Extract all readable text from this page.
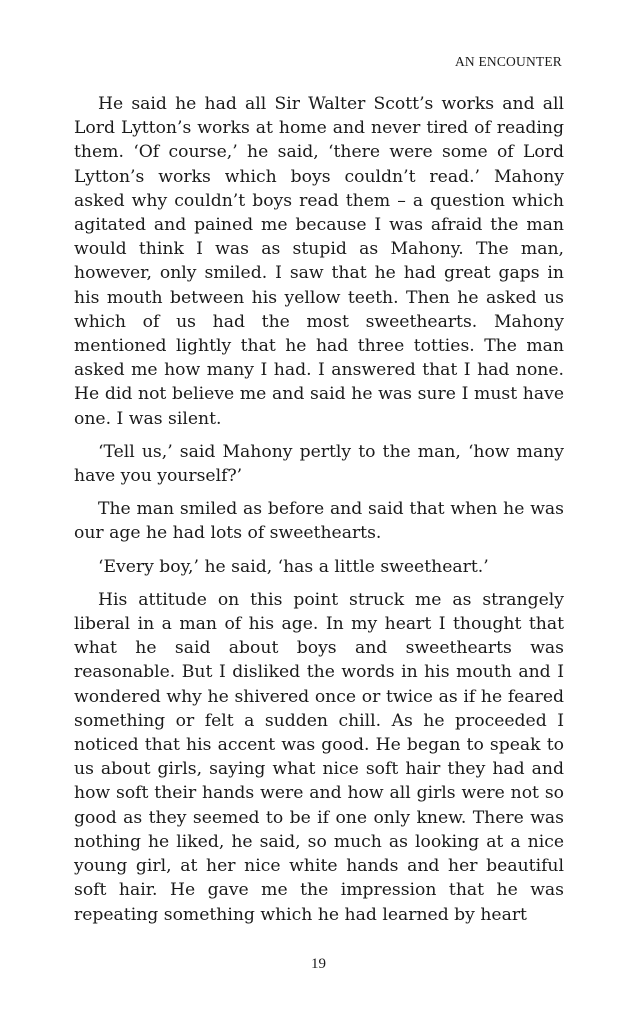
AN ENCOUNTER

He said he had all Sir Walter Scott’s works and all Lord Lytton’s works at home and never tired of reading them. ‘Of course,’ he said, ‘there were some of Lord Lytton’s works which boys couldn’t read.’ Mahony asked why couldn’t boys read them – a question which agitated and pained me because I was afraid the man would think I was as stupid as Mahony. The man, however, only smiled. I saw that he had great gaps in his mouth between his yellow teeth. Then he asked us which of us had the most sweethearts. Mahony mentioned lightly that he had three totties. The man asked me how many I had. I answered that I had none. He did not believe me and said he was sure I must have one. I was silent.

‘Tell us,’ said Mahony pertly to the man, ‘how many have you yourself?’

The man smiled as before and said that when he was our age he had lots of sweethearts.

‘Every boy,’ he said, ‘has a little sweetheart.’

His attitude on this point struck me as strangely liberal in a man of his age. In my heart I thought that what he said about boys and sweethearts was reasonable. But I disliked the words in his mouth and I wondered why he shivered once or twice as if he feared something or felt a sudden chill. As he proceeded I noticed that his accent was good. He began to speak to us about girls, saying what nice soft hair they had and how soft their hands were and how all girls were not so good as they seemed to be if one only knew. There was nothing he liked, he said, so much as looking at a nice young girl, at her nice white hands and her beautiful soft hair. He gave me the impression that he was repeating something which he had learned by heart

19
